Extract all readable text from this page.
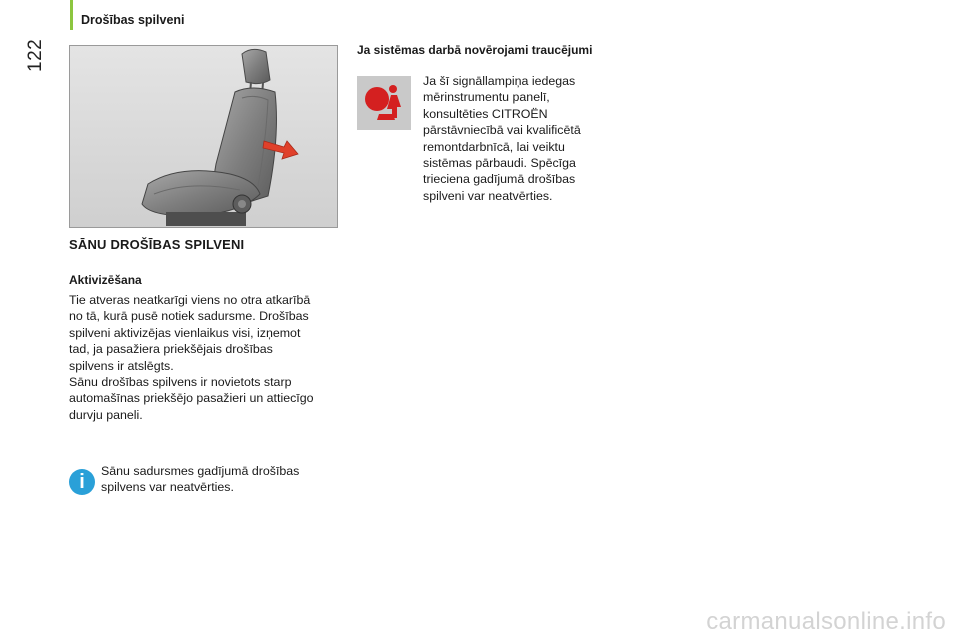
122
Drošības spilveni
SĀNU DROŠĪBAS SPILVENI
Aktivizēšana

Tie atveras neatkarīgi viens no otra atkarībā

no tā, kurā pusē notiek sadursme. Drošības

spilveni aktivizējas vienlaikus visi, izņemot

tad, ja pasažiera priekšējais drošības

spilvens ir atslēgts.

Sānu drošības spilvens ir novietots starp

automašīnas priekšējo pasažieri un attiecīgo

durvju paneli.

i Sānu sadursmes gadījumā drošības
spilvens var neatvērties.
Ja sistēmas darbā novērojami traucējumi
Ja šī signāllampiņa iedegas
mērinstrumentu panelī,
konsultēties CITROËN
pārstāvniecībā vai kvalificētā
remontdarbnīcā, lai veiktu
sistēmas pārbaudi. Spēcīga
trieciena gadījumā drošības
spilveni var neatvērties.
carmanualsonline.info
